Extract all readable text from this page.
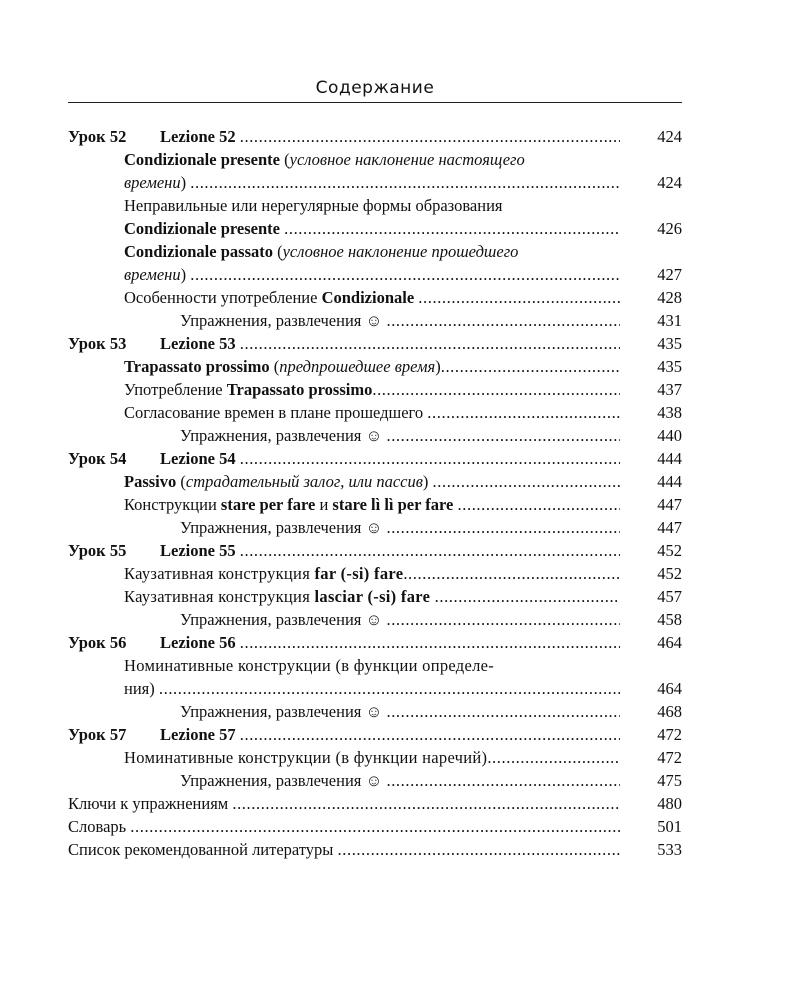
Содержание
Урок 52 Lezione 52 .....	424
Condizionale presente (условное наклонение настоящего
времени) .....	424
Неправильные или нерегулярные формы образования
Condizionale presente .....	426
Condizionale passato (условное наклонение прошедшего
времени) .....	427
Особенности употребление Condizionale .....	428
Упражнения, развлечения ☺ .....	431
Урок 53 Lezione 53 .....	435
Trapassato prossimo (предпрошедшее время) .....	435
Употребление Trapassato prossimo .....	437
Согласование времен в плане прошедшего .....	438
Упражнения, развлечения ☺ .....	440
Урок 54 Lezione 54 .....	444
Passivo (страдательный залог, или пассив) .....	444
Конструкции stare per fare и stare lì lì per fare .....	447
Упражнения, развлечения ☺ .....	447
Урок 55 Lezione 55 .....	452
Каузативная конструкция far (-si) fare .....	452
Каузативная конструкция lasciar (-si) fare .....	457
Упражнения, развлечения ☺ .....	458
Урок 56 Lezione 56 .....	464
Номинативные конструкции (в функции определе-
ния) .....	464
Упражнения, развлечения ☺ .....	468
Урок 57 Lezione 57 .....	472
Номинативные конструкции (в функции наречий) .....	472
Упражнения, развлечения ☺ .....	475
Ключи к упражнениям .....	480
Словарь .....	501
Список рекомендованной литературы .....	533
